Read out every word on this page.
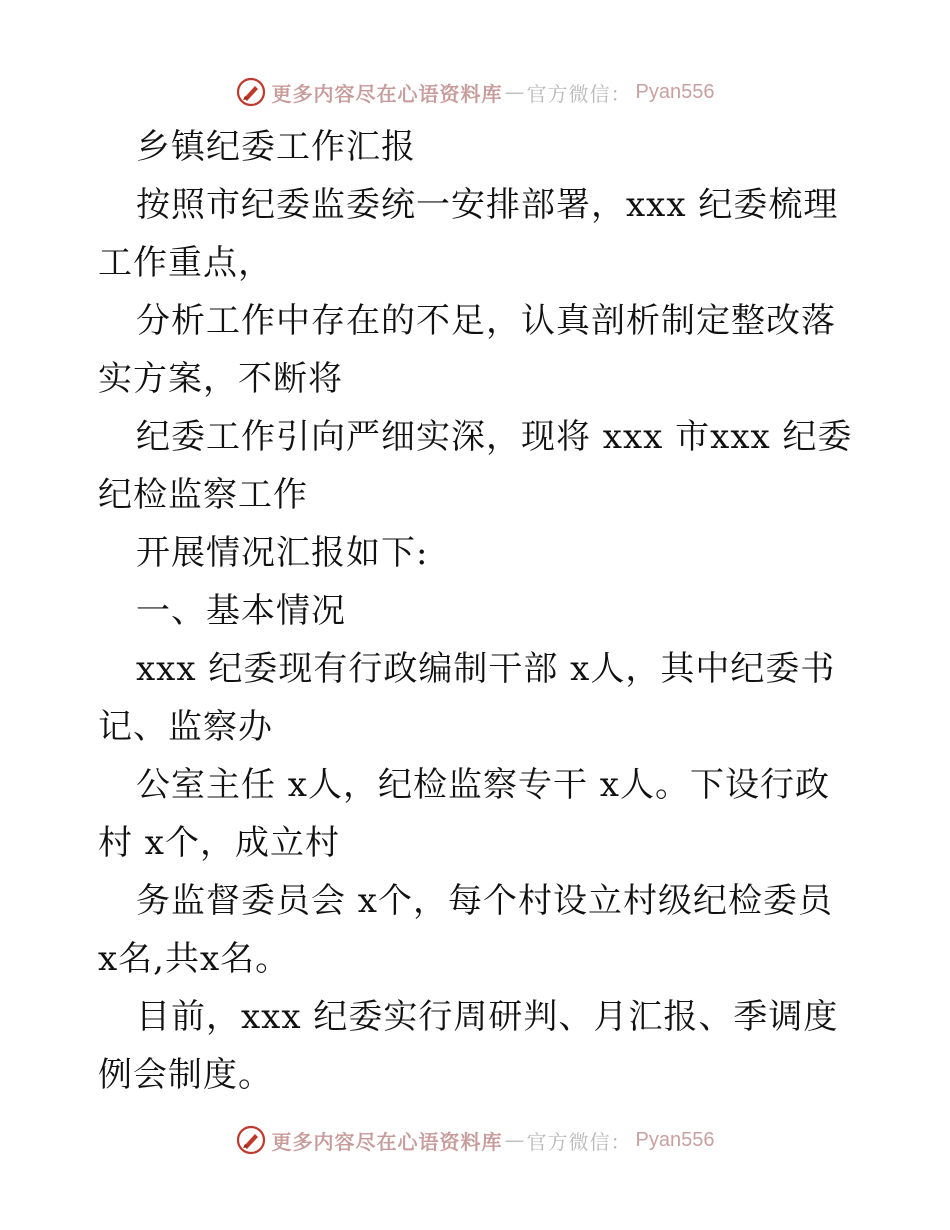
更多内容尽在心语资料库 — 官方微信： Pyan556

乡镇纪委工作汇报

按照市纪委监委统一安排部署，xxx 纪委梳理工作重点，

分析工作中存在的不足，认真剖析制定整改落实方案，不断将

纪委工作引向严细实深，现将 xxx 市xxx 纪委纪检监察工作

开展情况汇报如下:

一、基本情况

xxx 纪委现有行政编制干部 x人，其中纪委书记、监察办

公室主任 x人，纪检监察专干 x人。下设行政村 x个，成立村

务监督委员会 x个，每个村设立村级纪检委员 x名,共x名。

目前，xxx 纪委实行周研判、月汇报、季调度例会制度。

更多内容尽在心语资料库 — 官方微信： Pyan556
